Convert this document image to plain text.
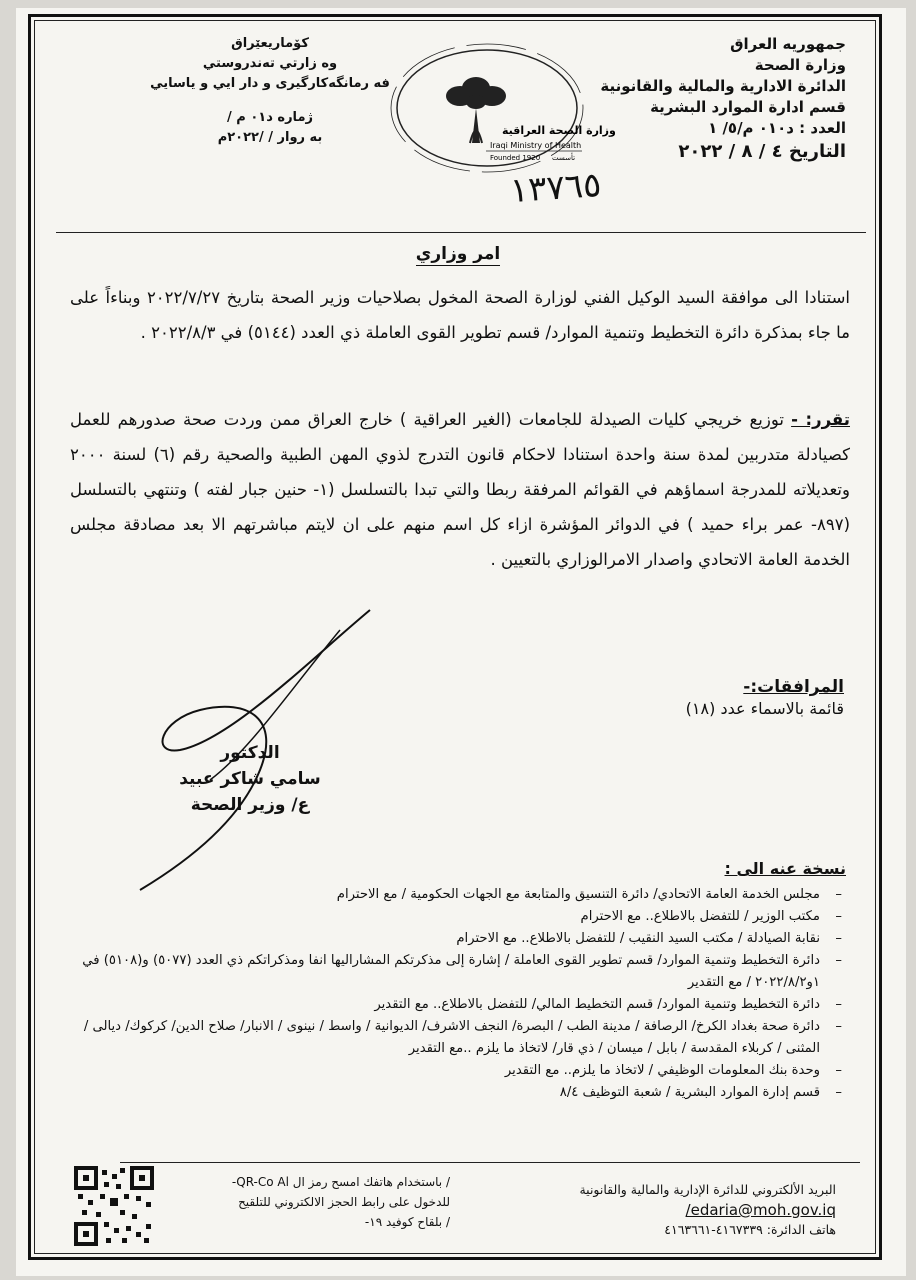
جمهوريه العراق
وزارة الصحة
الدائرة الادارية والمالية والقانونية
قسم ادارة الموارد البشرية
العدد : د٠١٠ م/٥/ ١
التاريخ ٤ / ٨ / ٢٠٢٢
كۆماریعێراق
وه زارتي تەندروستي
فه رمانگەكارگيری و دار ايي و ياسايي
ژماره د٠١ م /
به روار / /٢٠٢٢م	وزارة الصحة العراقية
Iraqi Ministry of Health
Founded 1920 تأسست
١٣٧٦٥
امر وزاري
استنادا الى موافقة السيد الوكيل الفني لوزارة الصحة المخول بصلاحيات وزير الصحة بتاريخ ٢٠٢٢/٧/٢٧ وبناءاً على ما جاء بمذكرة دائرة التخطيط وتنمية الموارد/ قسم تطوير القوى العاملة ذي العدد (٥١٤٤) في ٢٠٢٢/٨/٣ .
تقرر: - توزيع خريجي كليات الصيدلة للجامعات (الغير العراقية ) خارج العراق ممن وردت صحة صدورهم للعمل كصيادلة متدربين لمدة سنة واحدة استنادا لاحكام قانون التدرج لذوي المهن الطبية والصحية رقم (٦) لسنة ٢٠٠٠ وتعديلاته للمدرجة اسماؤهم في القوائم المرفقة ربطا والتي تبدا بالتسلسل (١- حنين جبار لفته ) وتنتهي بالتسلسل (٨٩٧- عمر براء حميد ) في الدوائر المؤشرة ازاء كل اسم منهم على ان لايتم مباشرتهم الا بعد مصادقة مجلس الخدمة العامة الاتحادي واصدار الامرالوزاري بالتعيين .
المرافقات:-
قائمة بالاسماء عدد (١٨)
الدكتور
سامي شاكر عبيد
ع/ وزير الصحة
نسخة عنه الى :
– مجلس الخدمة العامة الاتحادي/ دائرة التنسيق والمتابعة مع الجهات الحكومية / مع الاحترام
– مكتب الوزير / للتفضل بالاطلاع.. مع الاحترام
– نقابة الصيادلة / مكتب السيد النقيب / للتفضل بالاطلاع.. مع الاحترام
– دائرة التخطيط وتنمية الموارد/ قسم تطوير القوى العاملة / إشارة إلى مذكرتكم المشاراليها انفا ومذكراتكم ذي العدد (٥٠٧٧) و(٥١٠٨) في ١و٢٠٢٢/٨/٢ / مع التقدير
– دائرة التخطيط وتنمية الموارد/ قسم التخطيط المالي/ للتفضل بالاطلاع.. مع التقدير
– دائرة صحة بغداد الكرخ/ الرصافة / مدينة الطب / البصرة/ النجف الاشرف/ الديوانية / واسط / نينوى / الانبار/ صلاح الدين/ كركوك/ ديالى / المثنى / كربلاء المقدسة / بابل / ميسان / ذي قار/ لاتخاذ ما يلزم ..مع التقدير
– وحدة بنك المعلومات الوظيفي / لاتخاذ ما يلزم.. مع التقدير
– قسم إدارة الموارد البشرية / شعبة التوظيف ٨/٤
البريد الألكتروني للدائرة الإدارية والمالية والقانونية
/edaria@moh.gov.iq
هاتف الدائرة: ٤١٦٧٣٣٩-٤١٦٣٦٦١
/ باستخدام هاتفك امسح رمز ال QR-Co Al-
للدخول على رابط الحجز الالكتروني للتلقيح
/ بلقاح كوفيد ١٩-
